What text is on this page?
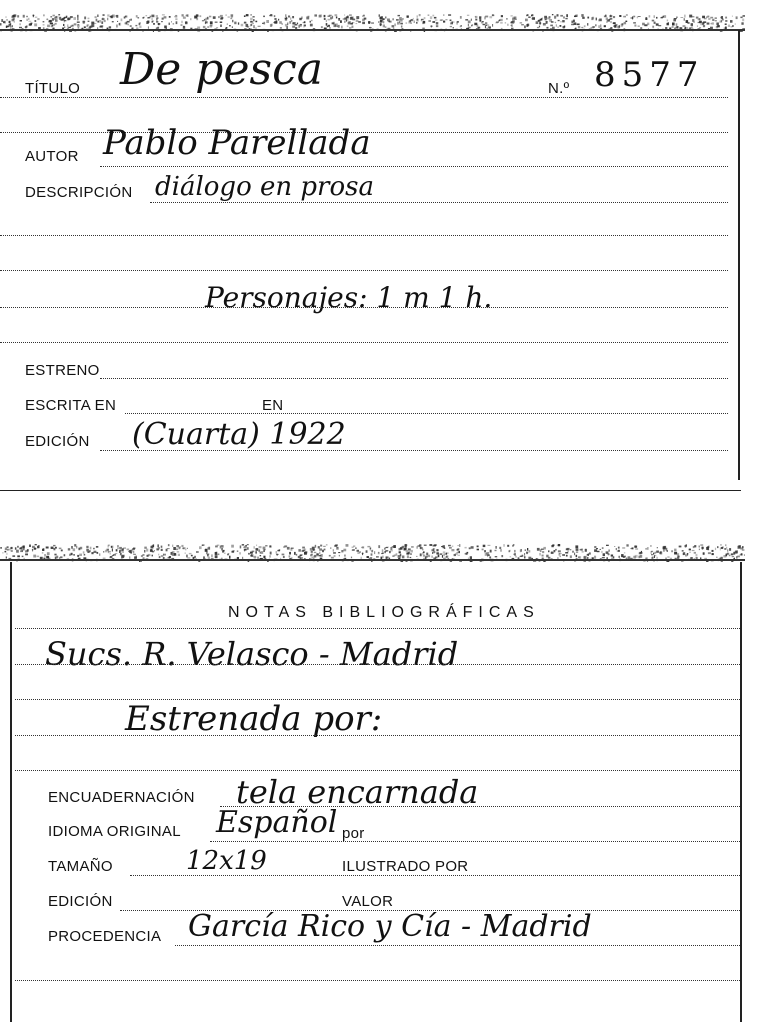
TÍTULO De pesca	N.º 8577
AUTOR Pablo Parellada
DESCRIPCIÓN diálogo en prosa
Personajes: 1 m 1 h.
ESTRENO
ESCRITA EN	EN
EDICIÓN (Cuarta) 1922
NOTAS BIBLIOGRÁFICAS
Sucs. R. Velasco - Madrid
Estrenada por:
ENCUADERNACIÓN tela encarnada
IDIOMA ORIGINAL Español por
TAMAÑO	12x19	ILUSTRADO POR
EDICIÓN	VALOR
PROCEDENCIA García Rico y Cía - Madrid
